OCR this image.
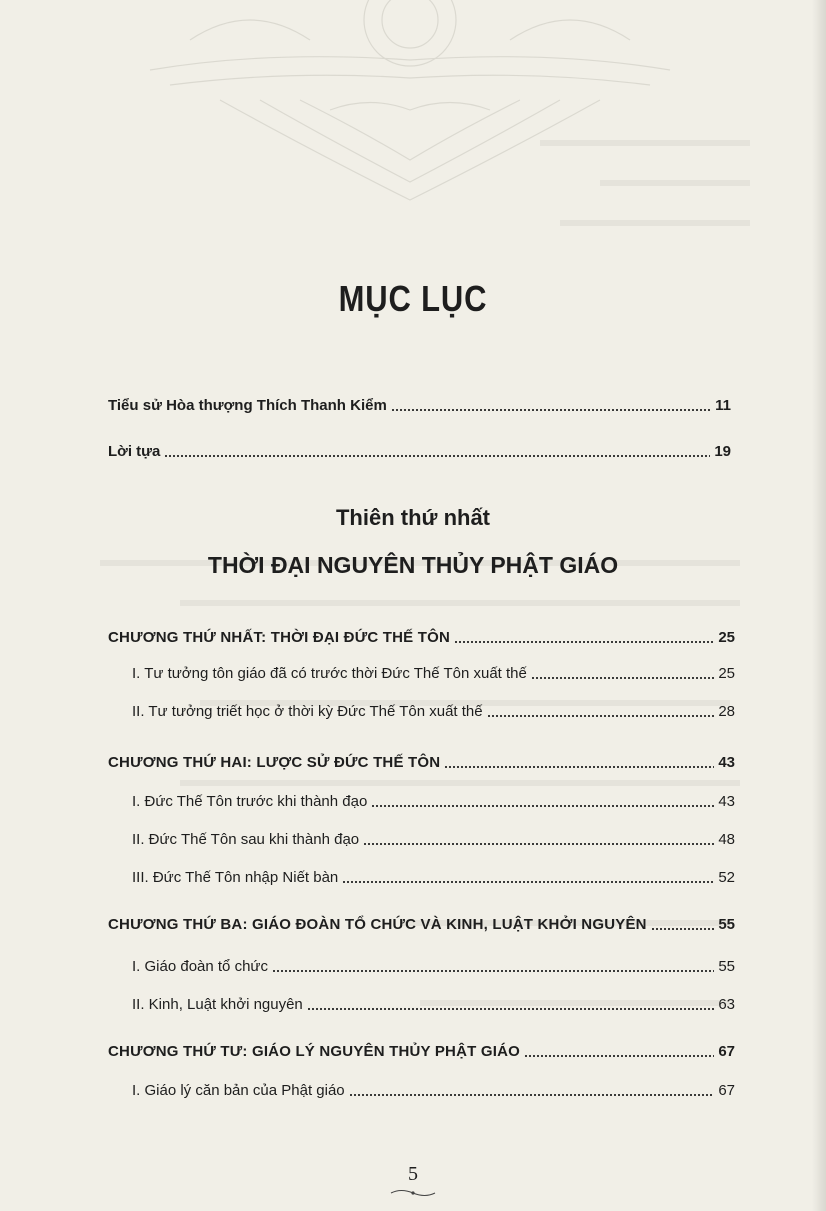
MỤC LỤC
Tiểu sử Hòa thượng Thích Thanh Kiểm	11
Lời tựa	19
Thiên thứ nhất
THỜI ĐẠI NGUYÊN THỦY PHẬT GIÁO
CHƯƠNG THỨ NHẤT: THỜI ĐẠI ĐỨC THẾ TÔN	25
I. Tư tưởng tôn giáo đã có trước thời Đức Thế Tôn xuất thế	25
II. Tư tưởng triết học ở thời kỳ Đức Thế Tôn xuất thế	28
CHƯƠNG THỨ HAI: LƯỢC SỬ ĐỨC THẾ TÔN	43
I. Đức Thế Tôn trước khi thành đạo	43
II. Đức Thế Tôn sau khi thành đạo	48
III. Đức Thế Tôn nhập Niết bàn	52
CHƯƠNG THỨ BA: GIÁO ĐOÀN TỔ CHỨC VÀ KINH, LUẬT KHỞI NGUYÊN	55
I. Giáo đoàn tổ chức	55
II. Kinh, Luật khởi nguyên	63
CHƯƠNG THỨ TƯ: GIÁO LÝ NGUYÊN THỦY PHẬT GIÁO	67
I. Giáo lý căn bản của Phật giáo	67
5
